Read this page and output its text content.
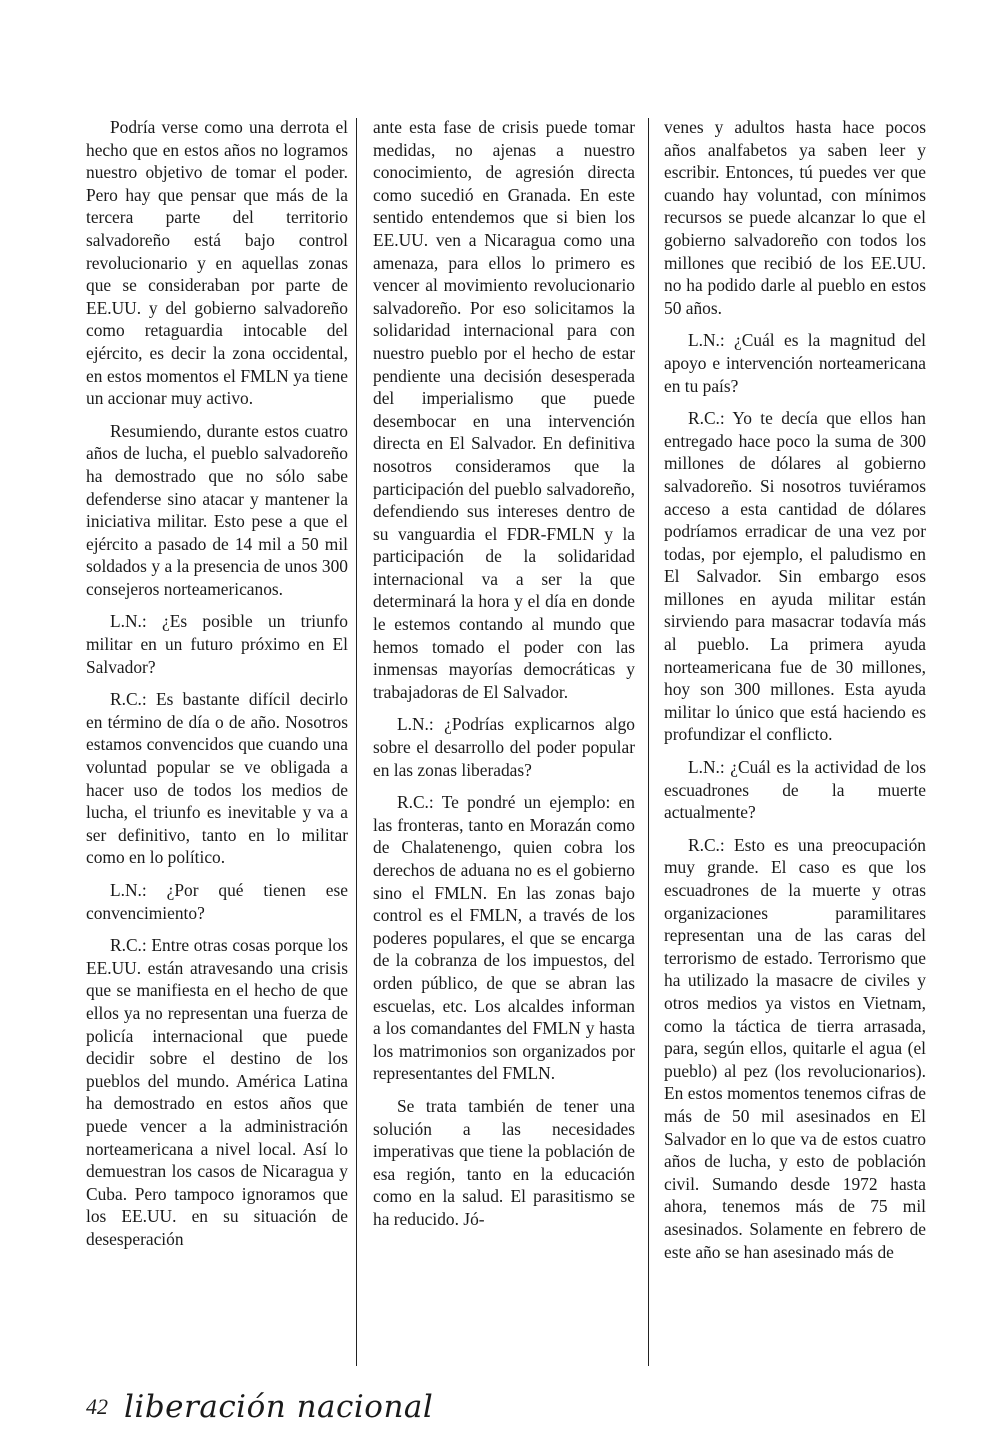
Podría verse como una derrota el hecho que en estos años no logramos nuestro objetivo de tomar el poder. Pero hay que pensar que más de la tercera parte del territorio salvadoreño está bajo control revolucionario y en aquellas zonas que se consideraban por parte de EE.UU. y del gobierno salvadoreño como retaguardia intocable del ejército, es decir la zona occidental, en estos momentos el FMLN ya tiene un accionar muy activo.

Resumiendo, durante estos cuatro años de lucha, el pueblo salvadoreño ha demostrado que no sólo sabe defenderse sino atacar y mantener la iniciativa militar. Esto pese a que el ejército a pasado de 14 mil a 50 mil soldados y a la presencia de unos 300 consejeros norteamericanos.

L.N.: ¿Es posible un triunfo militar en un futuro próximo en El Salvador?

R.C.: Es bastante difícil decirlo en término de día o de año. Nosotros estamos convencidos que cuando una voluntad popular se ve obligada a hacer uso de todos los medios de lucha, el triunfo es inevitable y va a ser definitivo, tanto en lo militar como en lo político.

L.N.: ¿Por qué tienen ese convencimiento?

R.C.: Entre otras cosas porque los EE.UU. están atravesando una crisis que se manifiesta en el hecho de que ellos ya no representan una fuerza de policía internacional que puede decidir sobre el destino de los pueblos del mundo. América Latina ha demostrado en estos años que puede vencer a la administración norteamericana a nivel local. Así lo demuestran los casos de Nicaragua y Cuba. Pero tampoco ignoramos que los EE.UU. en su situación de desesperación

ante esta fase de crisis puede tomar medidas, no ajenas a nuestro conocimiento, de agresión directa como sucedió en Granada. En este sentido entendemos que si bien los EE.UU. ven a Nicaragua como una amenaza, para ellos lo primero es vencer al movimiento revolucionario salvadoreño. Por eso solicitamos la solidaridad internacional para con nuestro pueblo por el hecho de estar pendiente una decisión desesperada del imperialismo que puede desembocar en una intervención directa en El Salvador. En definitiva nosotros consideramos que la participación del pueblo salvadoreño, defendiendo sus intereses dentro de su vanguardia el FDR-FMLN y la participación de la solidaridad internacional va a ser la que determinará la hora y el día en donde le estemos contando al mundo que hemos tomado el poder con las inmensas mayorías democráticas y trabajadoras de El Salvador.

L.N.: ¿Podrías explicarnos algo sobre el desarrollo del poder popular en las zonas liberadas?

R.C.: Te pondré un ejemplo: en las fronteras, tanto en Morazán como de Chalatenengo, quien cobra los derechos de aduana no es el gobierno sino el FMLN. En las zonas bajo control es el FMLN, a través de los poderes populares, el que se encarga de la cobranza de los impuestos, del orden público, de que se abran las escuelas, etc. Los alcaldes informan a los comandantes del FMLN y hasta los matrimonios son organizados por representantes del FMLN.

Se trata también de tener una solución a las necesidades imperativas que tiene la población de esa región, tanto en la educación como en la salud. El parasitismo se ha reducido. Jó-

venes y adultos hasta hace pocos años analfabetos ya saben leer y escribir. Entonces, tú puedes ver que cuando hay voluntad, con mínimos recursos se puede alcanzar lo que el gobierno salvadoreño con todos los millones que recibió de los EE.UU. no ha podido darle al pueblo en estos 50 años.

L.N.: ¿Cuál es la magnitud del apoyo e intervención norteamericana en tu país?

R.C.: Yo te decía que ellos han entregado hace poco la suma de 300 millones de dólares al gobierno salvadoreño. Si nosotros tuviéramos acceso a esta cantidad de dólares podríamos erradicar de una vez por todas, por ejemplo, el paludismo en El Salvador. Sin embargo esos millones en ayuda militar están sirviendo para masacrar todavía más al pueblo. La primera ayuda norteamericana fue de 30 millones, hoy son 300 millones. Esta ayuda militar lo único que está haciendo es profundizar el conflicto.

L.N.: ¿Cuál es la actividad de los escuadrones de la muerte actualmente?

R.C.: Esto es una preocupación muy grande. El caso es que los escuadrones de la muerte y otras organizaciones paramilitares representan una de las caras del terrorismo de estado. Terrorismo que ha utilizado la masacre de civiles y otros medios ya vistos en Vietnam, como la táctica de tierra arrasada, para, según ellos, quitarle el agua (el pueblo) al pez (los revolucionarios). En estos momentos tenemos cifras de más de 50 mil asesinados en El Salvador en lo que va de estos cuatro años de lucha, y esto de población civil. Sumando desde 1972 hasta ahora, tenemos más de 75 mil asesinados. Solamente en febrero de este año se han asesinado más de

42 liberación nacional
